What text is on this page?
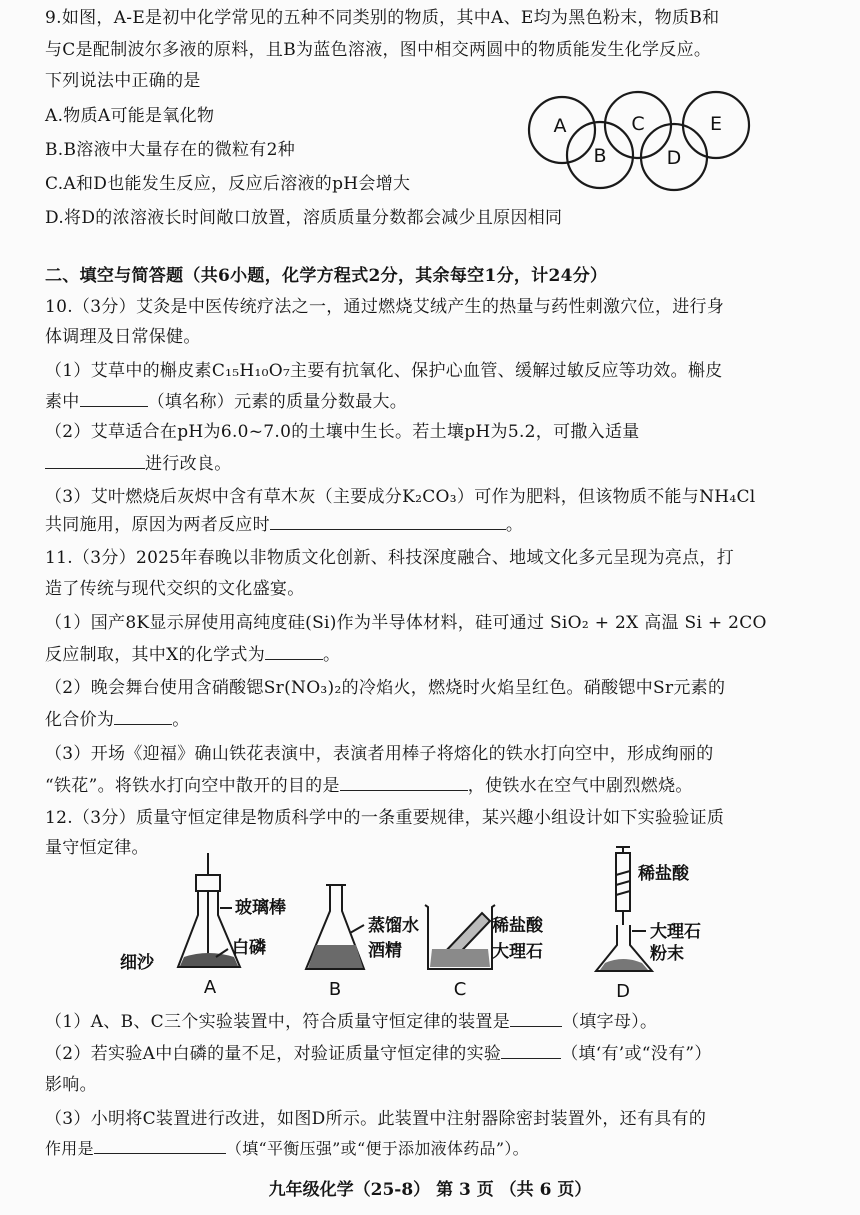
9.如图，A-E是初中化学常见的五种不同类别的物质，其中A、E均为黑色粉末，物质B和
与C是配制波尔多液的原料，且B为蓝色溶液，图中相交两圆中的物质能发生化学反应。
下列说法中正确的是
A.物质A可能是氧化物
B.B溶液中大量存在的微粒有2种
C.A和D也能发生反应，反应后溶液的pH会增大
D.将D的浓溶液长时间敞口放置，溶质质量分数都会减少且原因相同
A
B
C
D
E
二、填空与简答题（共6小题，化学方程式2分，其余每空1分，计24分）
10.（3分）艾灸是中医传统疗法之一，通过燃烧艾绒产生的热量与药性刺激穴位，进行身
体调理及日常保健。
（1）艾草中的槲皮素C₁₅H₁₀O₇主要有抗氧化、保护心血管、缓解过敏反应等功效。槲皮
素中	（填名称）元素的质量分数最大。
（2）艾草适合在pH为6.0~7.0的土壤中生长。若土壤pH为5.2，可撒入适量
进行改良。
（3）艾叶燃烧后灰烬中含有草木灰（主要成分K₂CO₃）可作为肥料，但该物质不能与NH₄Cl
共同施用，原因为两者反应时	。
11.（3分）2025年春晚以非物质文化创新、科技深度融合、地域文化多元呈现为亮点，打
造了传统与现代交织的文化盛宴。
（1）国产8K显示屏使用高纯度硅(Si)作为半导体材料，硅可通过 SiO₂ + 2X 高温 Si + 2CO
反应制取，其中X的化学式为	。
（2）晚会舞台使用含硝酸锶Sr(NO₃)₂的冷焰火，燃烧时火焰呈红色。硝酸锶中Sr元素的
化合价为	。
（3）开场《迎福》确山铁花表演中，表演者用棒子将熔化的铁水打向空中，形成绚丽的
“铁花”。将铁水打向空中散开的目的是	，使铁水在空气中剧烈燃烧。
12.（3分）质量守恒定律是物质科学中的一条重要规律，某兴趣小组设计如下实验验证质
量守恒定律。
玻璃棒
细沙
白磷
蒸馏水
酒精
稀盐酸
大理石
稀盐酸
大理石
粉末
A	B	C	D
（1）A、B、C三个实验装置中，符合质量守恒定律的装置是	（填字母）。
（2）若实验A中白磷的量不足，对验证质量守恒定律的实验	（填‘有’或“没有”）
影响。
（3）小明将C装置进行改进，如图D所示。此装置中注射器除密封装置外，还有具有的
作用是	（填“平衡压强”或“便于添加液体药品”）。
九年级化学（25-8） 第 3 页 （共 6 页）
